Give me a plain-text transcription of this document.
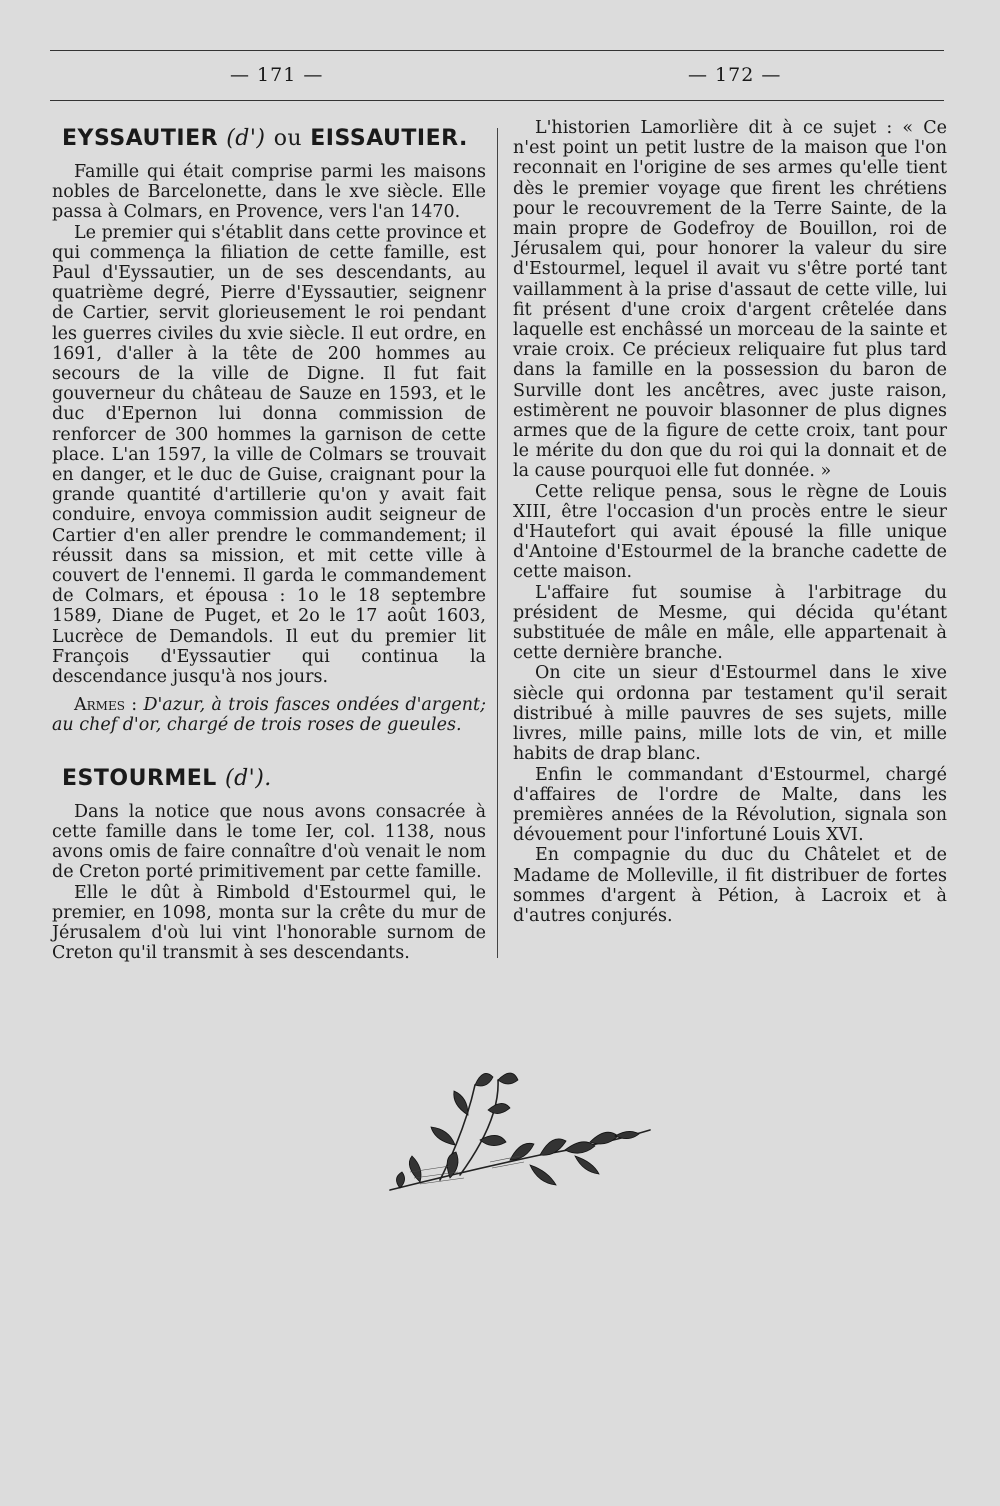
— 171 —	— 172 —
EYSSAUTIER (d') ou EISSAUTIER.

Famille qui était comprise parmi les maisons nobles de Barcelonette, dans le xve siècle. Elle passa à Colmars, en Provence, vers l'an 1470.

Le premier qui s'établit dans cette province et qui commença la filiation de cette famille, est Paul d'Eyssautier, un de ses descendants, au quatrième degré, Pierre d'Eyssautier, seignenr de Cartier, servit glorieusement le roi pendant les guerres civiles du xvie siècle. Il eut ordre, en 1691, d'aller à la tête de 200 hommes au secours de la ville de Digne. Il fut fait gouverneur du château de Sauze en 1593, et le duc d'Epernon lui donna commission de renforcer de 300 hommes la garnison de cette place. L'an 1597, la ville de Colmars se trouvait en danger, et le duc de Guise, craignant pour la grande quantité d'artillerie qu'on y avait fait conduire, envoya commission audit seigneur de Cartier d'en aller prendre le commandement; il réussit dans sa mission, et mit cette ville à couvert de l'ennemi. Il garda le commandement de Colmars, et épousa : 1o le 18 septembre 1589, Diane de Puget, et 2o le 17 août 1603, Lucrèce de Demandols. Il eut du premier lit François d'Eyssautier qui continua la descendance jusqu'à nos jours.

Armes : D'azur, à trois fasces ondées d'argent; au chef d'or, chargé de trois roses de gueules.

ESTOURMEL (d').

Dans la notice que nous avons consacrée à cette famille dans le tome Ier, col. 1138, nous avons omis de faire connaître d'où venait le nom de Creton porté primitivement par cette famille.

Elle le dût à Rimbold d'Estourmel qui, le premier, en 1098, monta sur la crête du mur de Jérusalem d'où lui vint l'honorable surnom de Creton qu'il transmit à ses descendants.

L'historien Lamorlière dit à ce sujet : « Ce n'est point un petit lustre de la maison que l'on reconnait en l'origine de ses armes qu'elle tient dès le premier voyage que firent les chrétiens pour le recouvrement de la Terre Sainte, de la main propre de Godefroy de Bouillon, roi de Jérusalem qui, pour honorer la valeur du sire d'Estourmel, lequel il avait vu s'être porté tant vaillamment à la prise d'assaut de cette ville, lui fit présent d'une croix d'argent crêtelée dans laquelle est enchâssé un morceau de la sainte et vraie croix. Ce précieux reliquaire fut plus tard dans la famille en la possession du baron de Surville dont les ancêtres, avec juste raison, estimèrent ne pouvoir blasonner de plus dignes armes que de la figure de cette croix, tant pour le mérite du don que du roi qui la donnait et de la cause pourquoi elle fut donnée. »

Cette relique pensa, sous le règne de Louis XIII, être l'occasion d'un procès entre le sieur d'Hautefort qui avait épousé la fille unique d'Antoine d'Estourmel de la branche cadette de cette maison.

L'affaire fut soumise à l'arbitrage du président de Mesme, qui décida qu'étant substituée de mâle en mâle, elle appartenait à cette dernière branche.

On cite un sieur d'Estourmel dans le xive siècle qui ordonna par testament qu'il serait distribué à mille pauvres de ses sujets, mille livres, mille pains, mille lots de vin, et mille habits de drap blanc.

Enfin le commandant d'Estourmel, chargé d'affaires de l'ordre de Malte, dans les premières années de la Révolution, signala son dévouement pour l'infortuné Louis XVI.

En compagnie du duc du Châtelet et de Madame de Molleville, il fit distribuer de fortes sommes d'argent à Pétion, à Lacroix et à d'autres conjurés.
